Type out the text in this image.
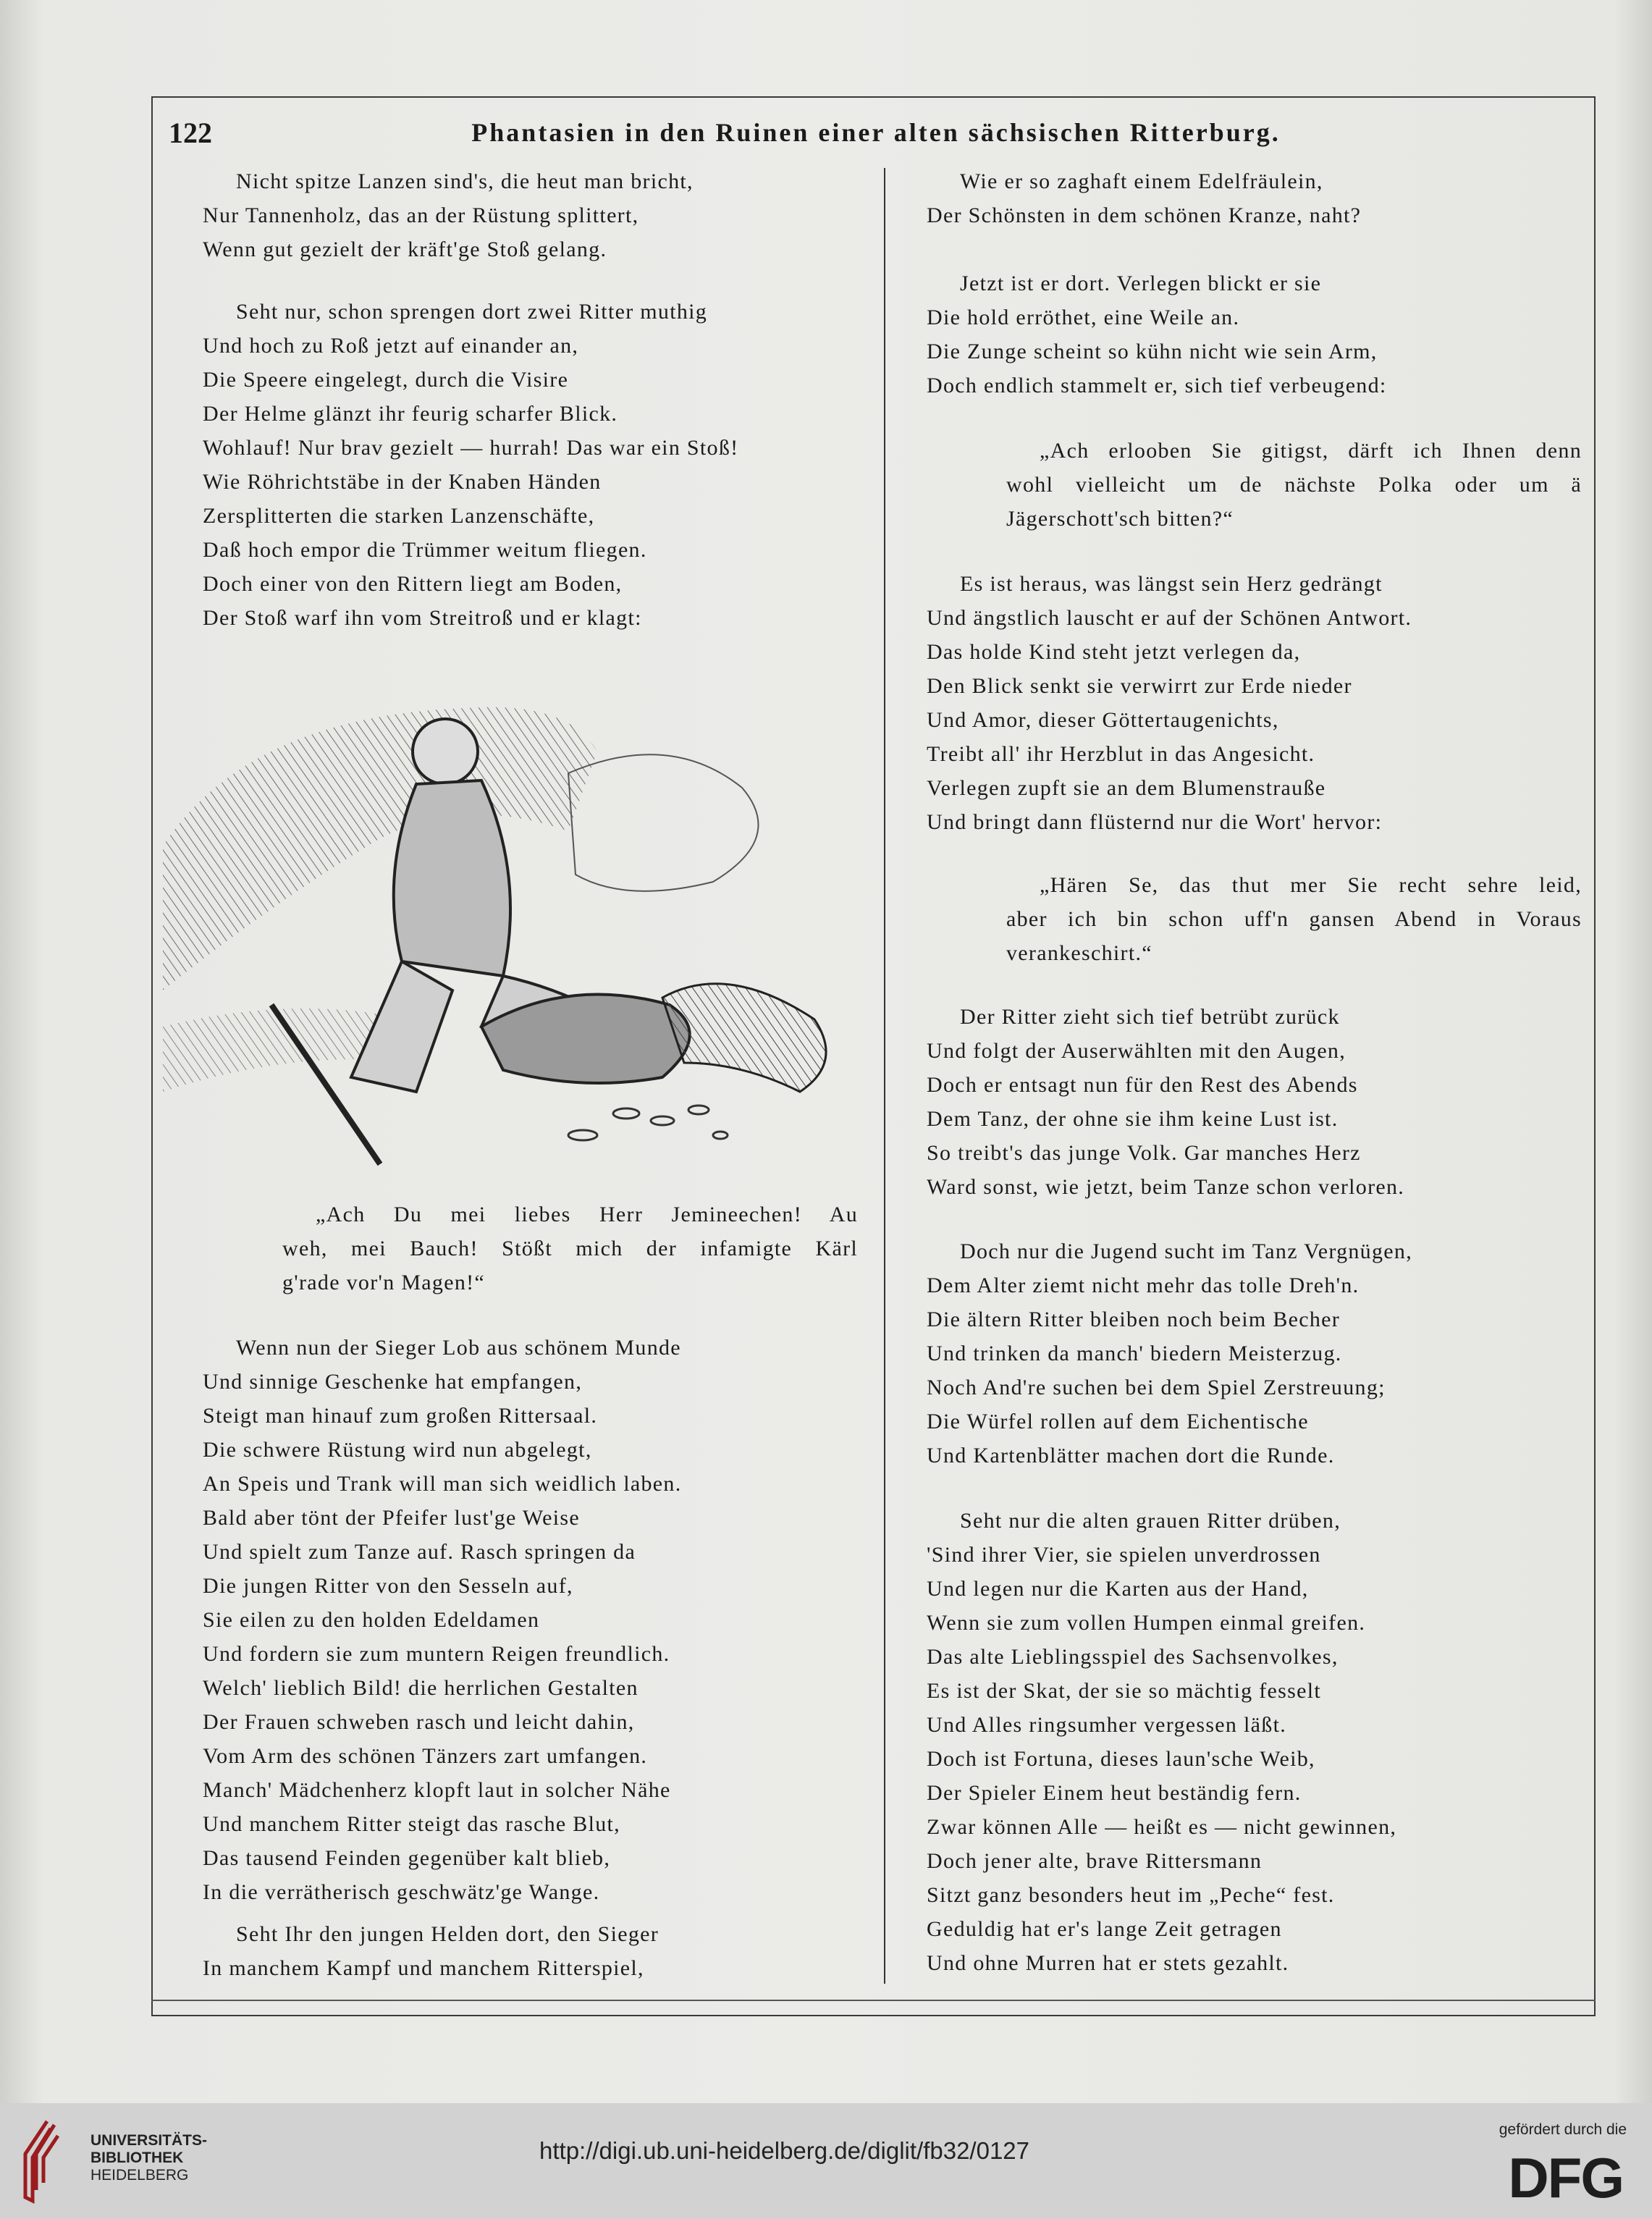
122	Phantasien in den Ruinen einer alten sächsischen Ritterburg.
Nicht spitze Lanzen sind's, die heut man bricht,
Nur Tannenholz, das an der Rüstung splittert,
Wenn gut gezielt der kräft'ge Stoß gelang.
Seht nur, schon sprengen dort zwei Ritter muthig
Und hoch zu Roß jetzt auf einander an,
Die Speere eingelegt, durch die Visire
Der Helme glänzt ihr feurig scharfer Blick.
Wohlauf! Nur brav gezielt — hurrah! Das war ein Stoß!
Wie Röhrichtstäbe in der Knaben Händen
Zersplitterten die starken Lanzenschäfte,
Daß hoch empor die Trümmer weitum fliegen.
Doch einer von den Rittern liegt am Boden,
Der Stoß warf ihn vom Streitroß und er klagt:
„Ach Du mei liebes Herr Jemineechen! Au
weh, mei Bauch! Stößt mich der infamigte Kärl
g'rade vor'n Magen!“
Wenn nun der Sieger Lob aus schönem Munde
Und sinnige Geschenke hat empfangen,
Steigt man hinauf zum großen Rittersaal.
Die schwere Rüstung wird nun abgelegt,
An Speis und Trank will man sich weidlich laben.
Bald aber tönt der Pfeifer lust'ge Weise
Und spielt zum Tanze auf. Rasch springen da
Die jungen Ritter von den Sesseln auf,
Sie eilen zu den holden Edeldamen
Und fordern sie zum muntern Reigen freundlich.
Welch' lieblich Bild! die herrlichen Gestalten
Der Frauen schweben rasch und leicht dahin,
Vom Arm des schönen Tänzers zart umfangen.
Manch' Mädchenherz klopft laut in solcher Nähe
Und manchem Ritter steigt das rasche Blut,
Das tausend Feinden gegenüber kalt blieb,
In die verrätherisch geschwätz'ge Wange.
Seht Ihr den jungen Helden dort, den Sieger
In manchem Kampf und manchem Ritterspiel,
Wie er so zaghaft einem Edelfräulein,
Der Schönsten in dem schönen Kranze, naht?
Jetzt ist er dort. Verlegen blickt er sie
Die hold erröthet, eine Weile an.
Die Zunge scheint so kühn nicht wie sein Arm,
Doch endlich stammelt er, sich tief verbeugend:
„Ach erlooben Sie gitigst, därft ich Ihnen denn
wohl vielleicht um de nächste Polka oder um ä
Jägerschott'sch bitten?“
Es ist heraus, was längst sein Herz gedrängt
Und ängstlich lauscht er auf der Schönen Antwort.
Das holde Kind steht jetzt verlegen da,
Den Blick senkt sie verwirrt zur Erde nieder
Und Amor, dieser Göttertaugenichts,
Treibt all' ihr Herzblut in das Angesicht.
Verlegen zupft sie an dem Blumenstrauße
Und bringt dann flüsternd nur die Wort' hervor:
„Hären Se, das thut mer Sie recht sehre leid,
aber ich bin schon uff'n gansen Abend in Voraus
verankeschirt.“
Der Ritter zieht sich tief betrübt zurück
Und folgt der Auserwählten mit den Augen,
Doch er entsagt nun für den Rest des Abends
Dem Tanz, der ohne sie ihm keine Lust ist.
So treibt's das junge Volk. Gar manches Herz
Ward sonst, wie jetzt, beim Tanze schon verloren.
Doch nur die Jugend sucht im Tanz Vergnügen,
Dem Alter ziemt nicht mehr das tolle Dreh'n.
Die ältern Ritter bleiben noch beim Becher
Und trinken da manch' biedern Meisterzug.
Noch And're suchen bei dem Spiel Zerstreuung;
Die Würfel rollen auf dem Eichentische
Und Kartenblätter machen dort die Runde.
Seht nur die alten grauen Ritter drüben,
'Sind ihrer Vier, sie spielen unverdrossen
Und legen nur die Karten aus der Hand,
Wenn sie zum vollen Humpen einmal greifen.
Das alte Lieblingsspiel des Sachsenvolkes,
Es ist der Skat, der sie so mächtig fesselt
Und Alles ringsumher vergessen läßt.
Doch ist Fortuna, dieses laun'sche Weib,
Der Spieler Einem heut beständig fern.
Zwar können Alle — heißt es — nicht gewinnen,
Doch jener alte, brave Rittersmann
Sitzt ganz besonders heut im „Peche“ fest.
Geduldig hat er's lange Zeit getragen
Und ohne Murren hat er stets gezahlt.
UNIVERSITÄTS-
BIBLIOTHEK
HEIDELBERG
http://digi.ub.uni-heidelberg.de/diglit/fb32/0127
gefördert durch die
DFG
